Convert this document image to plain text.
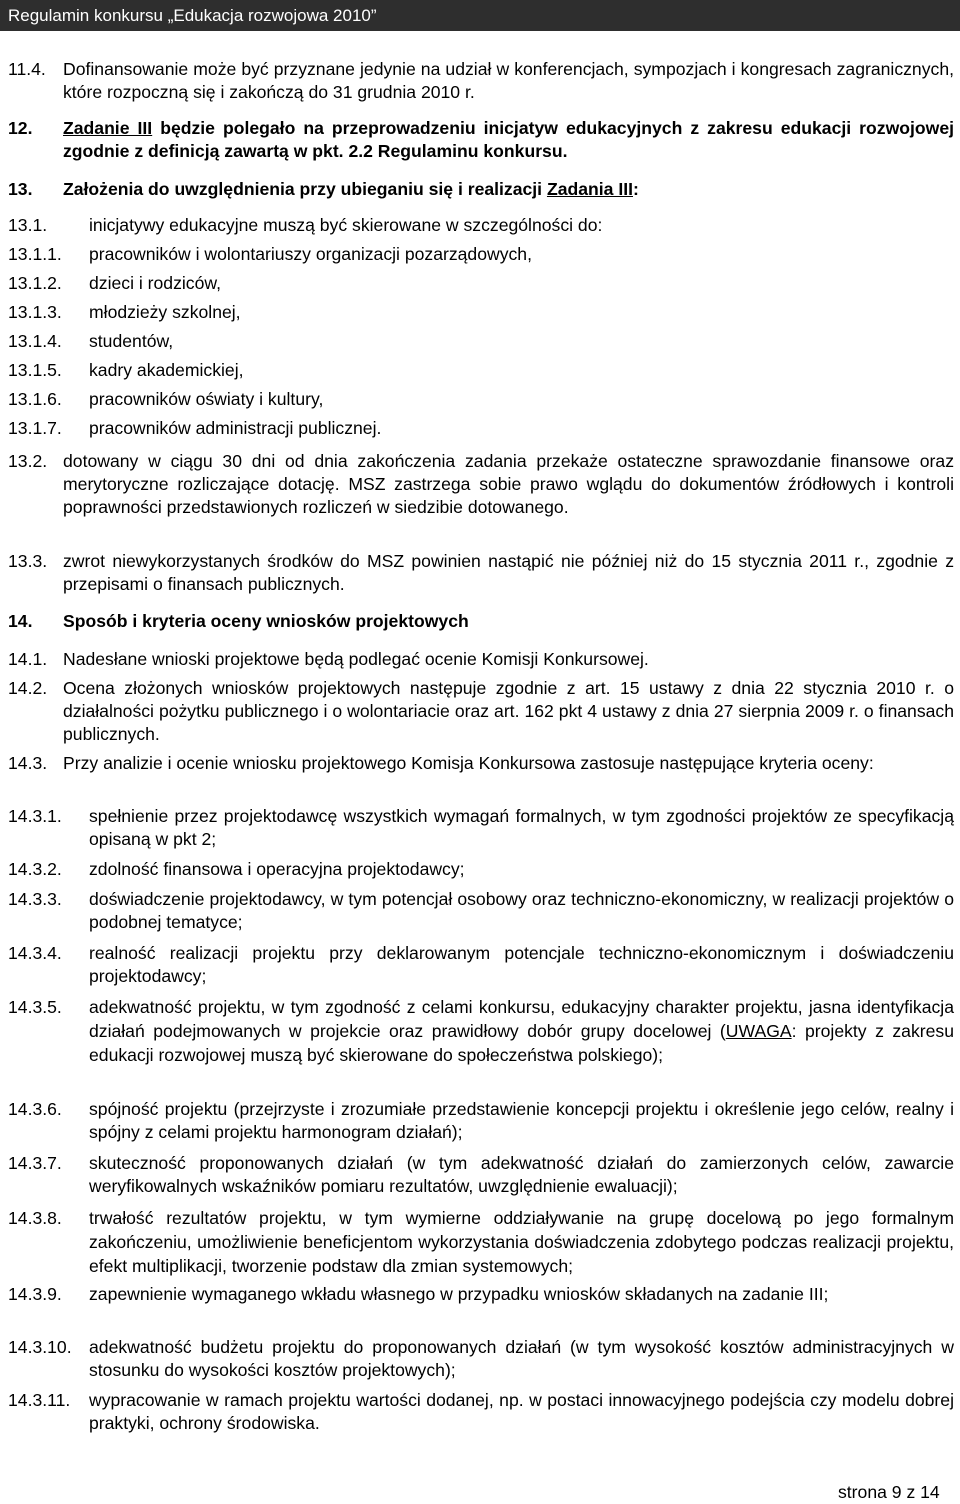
Regulamin konkursu „Edukacja rozwojowa 2010”
11.4. Dofinansowanie może być przyznane jedynie na udział w konferencjach, sympozjach i kongresach zagranicznych, które rozpoczną się i zakończą do 31 grudnia 2010 r.
12. Zadanie III będzie polegało na przeprowadzeniu inicjatyw edukacyjnych z zakresu edukacji rozwojowej zgodnie z definicją zawartą w pkt. 2.2 Regulaminu konkursu.
13. Założenia do uwzględnienia przy ubieganiu się i realizacji Zadania III:
13.1. inicjatywy edukacyjne muszą być skierowane w szczególności do:
13.1.1. pracowników i wolontariuszy organizacji pozarządowych,
13.1.2. dzieci i rodziców,
13.1.3. młodzieży szkolnej,
13.1.4. studentów,
13.1.5. kadry akademickiej,
13.1.6. pracowników oświaty i kultury,
13.1.7. pracowników administracji publicznej.
13.2. dotowany w ciągu 30 dni od dnia zakończenia zadania przekaże ostateczne sprawozdanie finansowe oraz merytoryczne rozliczające dotację. MSZ zastrzega sobie prawo wglądu do dokumentów źródłowych i kontroli poprawności przedstawionych rozliczeń w siedzibie dotowanego.
13.3. zwrot niewykorzystanych środków do MSZ powinien nastąpić nie później niż do 15 stycznia 2011 r., zgodnie z przepisami o finansach publicznych.
14. Sposób i kryteria oceny wniosków projektowych
14.1. Nadesłane wnioski projektowe będą podlegać ocenie Komisji Konkursowej.
14.2. Ocena złożonych wniosków projektowych następuje zgodnie z art. 15 ustawy z dnia 22 stycznia 2010 r. o działalności pożytku publicznego i o wolontariacie oraz art. 162 pkt 4 ustawy z dnia 27 sierpnia 2009 r. o finansach publicznych.
14.3. Przy analizie i ocenie wniosku projektowego Komisja Konkursowa zastosuje następujące kryteria oceny:
14.3.1. spełnienie przez projektodawcę wszystkich wymagań formalnych, w tym zgodności projektów ze specyfikacją opisaną w pkt 2;
14.3.2. zdolność finansowa i operacyjna projektodawcy;
14.3.3. doświadczenie projektodawcy, w tym potencjał osobowy oraz techniczno-ekonomiczny, w realizacji projektów o podobnej tematyce;
14.3.4. realność realizacji projektu przy deklarowanym potencjale techniczno-ekonomicznym i doświadczeniu projektodawcy;
14.3.5. adekwatność projektu, w tym zgodność z celami konkursu, edukacyjny charakter projektu, jasna identyfikacja działań podejmowanych w projekcie oraz prawidłowy dobór grupy docelowej (UWAGA: projekty z zakresu edukacji rozwojowej muszą być skierowane do społeczeństwa polskiego);
14.3.6. spójność projektu (przejrzyste i zrozumiałe przedstawienie koncepcji projektu i określenie jego celów, realny i spójny z celami projektu harmonogram działań);
14.3.7. skuteczność proponowanych działań (w tym adekwatność działań do zamierzonych celów, zawarcie weryfikowalnych wskaźników pomiaru rezultatów, uwzględnienie ewaluacji);
14.3.8. trwałość rezultatów projektu, w tym wymierne oddziaływanie na grupę docelową po jego formalnym zakończeniu, umożliwienie beneficjentom wykorzystania doświadczenia zdobytego podczas realizacji projektu, efekt multiplikacji, tworzenie podstaw dla zmian systemowych;
14.3.9. zapewnienie wymaganego wkładu własnego w przypadku wniosków składanych na zadanie III;
14.3.10. adekwatność budżetu projektu do proponowanych działań (w tym wysokość kosztów administracyjnych w stosunku do wysokości kosztów projektowych);
14.3.11. wypracowanie w ramach projektu wartości dodanej, np. w postaci innowacyjnego podejścia czy modelu dobrej praktyki, ochrony środowiska.
strona 9 z 14
